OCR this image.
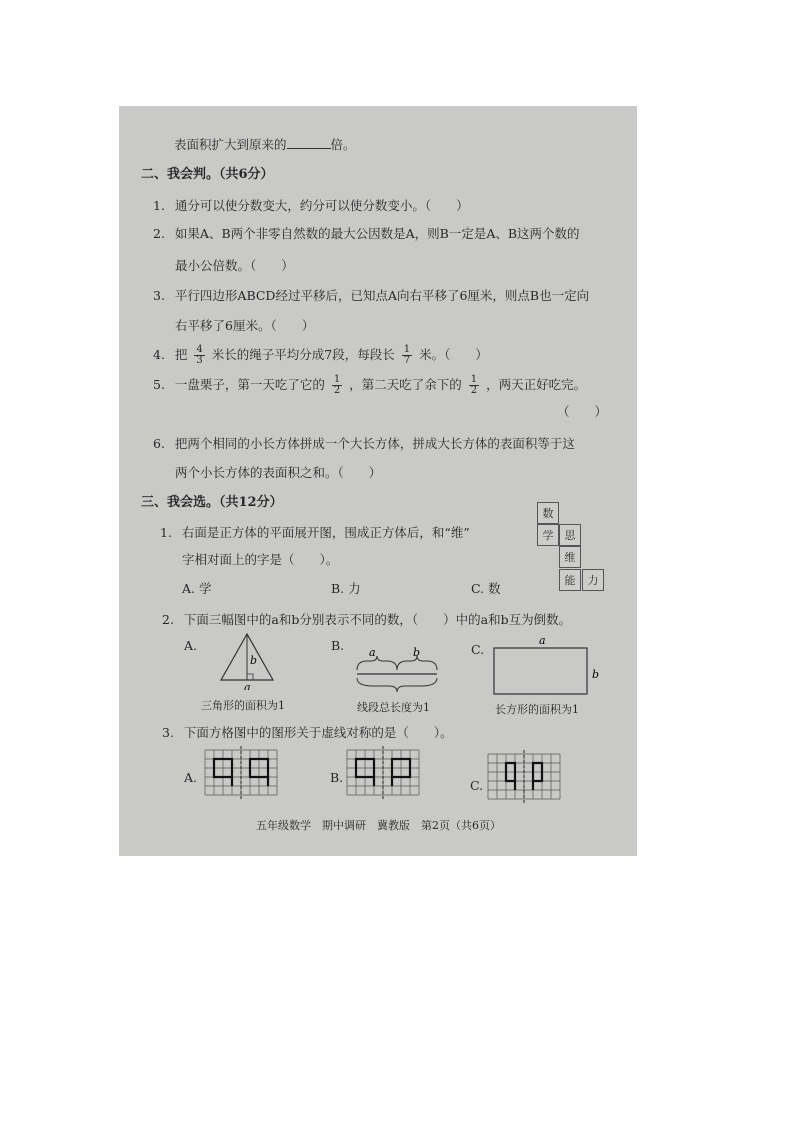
表面积扩大到原来的	倍。
二、我会判。（共6分）
1. 通分可以使分数变大，约分可以使分数变小。（　　）
2. 如果A、B两个非零自然数的最大公因数是A，则B一定是A、B这两个数的
最小公倍数。（　　）
3. 平行四边形ABCD经过平移后，已知点A向右平移了6厘米，则点B也一定向
右平移了6厘米。（　　）
4. 把 $\frac{4}{3}$ 米长的绳子平均分成7段，每段长 $\frac{1}{7}$ 米。（　　）
5. 一盘栗子，第一天吃了它的 $\frac{1}{2}$ ，第二天吃了余下的 $\frac{1}{2}$ ，两天正好吃完。
（　　）
6. 把两个相同的小长方体拼成一个大长方体，拼成大长方体的表面积等于这
两个小长方体的表面积之和。（　　）
三、我会选。（共12分）
1. 右面是正方体的平面展开图，围成正方体后，和“维”
字相对面上的字是（　　）。
A. 学	B. 力	C. 数
数
学	思
维
能	力
2. 下面三幅图中的a和b分别表示不同的数，（　　）中的a和b互为倒数。
A.
b
a
三角形的面积为1
B. a	b
线段总长度为1
C.
a
b
长方形的面积为1
3. 下面方格图中的图形关于虚线对称的是（　　）。
A.	B.
C.
五年级数学　期中调研　冀教版　第2页（共6页）
